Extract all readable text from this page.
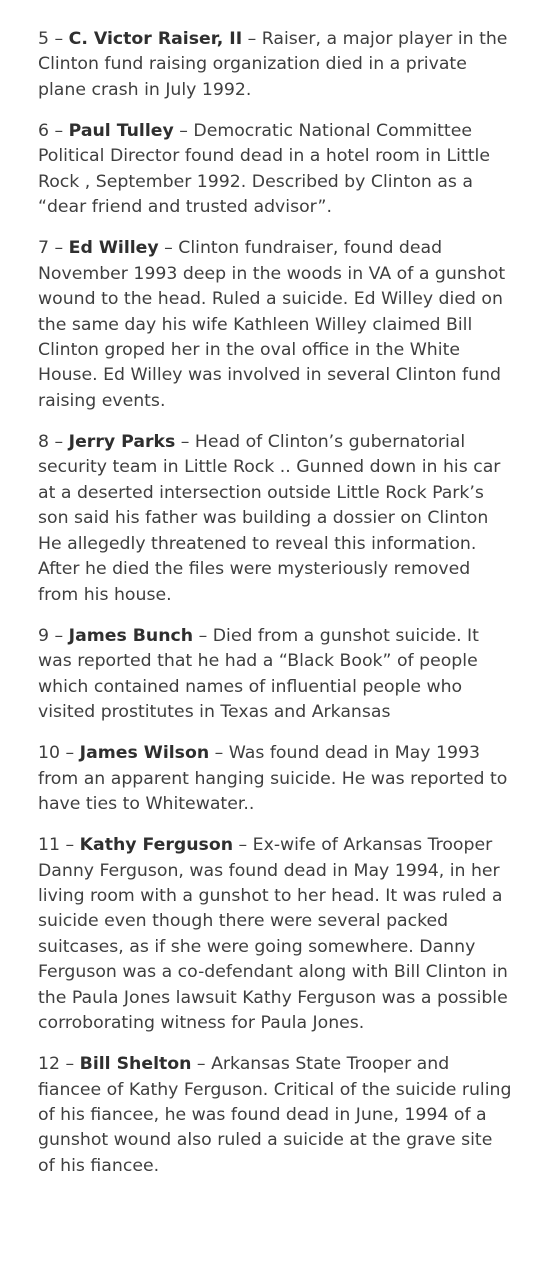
5 – C. Victor Raiser, II – Raiser, a major player in the Clinton fund raising organization died in a private plane crash in July 1992.

6 – Paul Tulley – Democratic National Committee Political Director found dead in a hotel room in Little Rock , September 1992. Described by Clinton as a “dear friend and trusted advisor”.

7 – Ed Willey – Clinton fundraiser, found dead November 1993 deep in the woods in VA of a gunshot wound to the head. Ruled a suicide. Ed Willey died on the same day his wife Kathleen Willey claimed Bill Clinton groped her in the oval office in the White House. Ed Willey was involved in several Clinton fund raising events.

8 – Jerry Parks – Head of Clinton’s gubernatorial security team in Little Rock .. Gunned down in his car at a deserted intersection outside Little Rock Park’s son said his father was building a dossier on Clinton He allegedly threatened to reveal this information. After he died the files were mysteriously removed from his house.

9 – James Bunch – Died from a gunshot suicide. It was reported that he had a “Black Book” of people which contained names of influential people who visited prostitutes in Texas and Arkansas

10 – James Wilson – Was found dead in May 1993 from an apparent hanging suicide. He was reported to have ties to Whitewater..

11 – Kathy Ferguson – Ex-wife of Arkansas Trooper Danny Ferguson, was found dead in May 1994, in her living room with a gunshot to her head. It was ruled a suicide even though there were several packed suitcases, as if she were going somewhere. Danny Ferguson was a co-defendant along with Bill Clinton in the Paula Jones lawsuit Kathy Ferguson was a possible corroborating witness for Paula Jones.

12 – Bill Shelton – Arkansas State Trooper and fiancee of Kathy Ferguson. Critical of the suicide ruling of his fiancee, he was found dead in June, 1994 of a gunshot wound also ruled a suicide at the grave site of his fiancee.
